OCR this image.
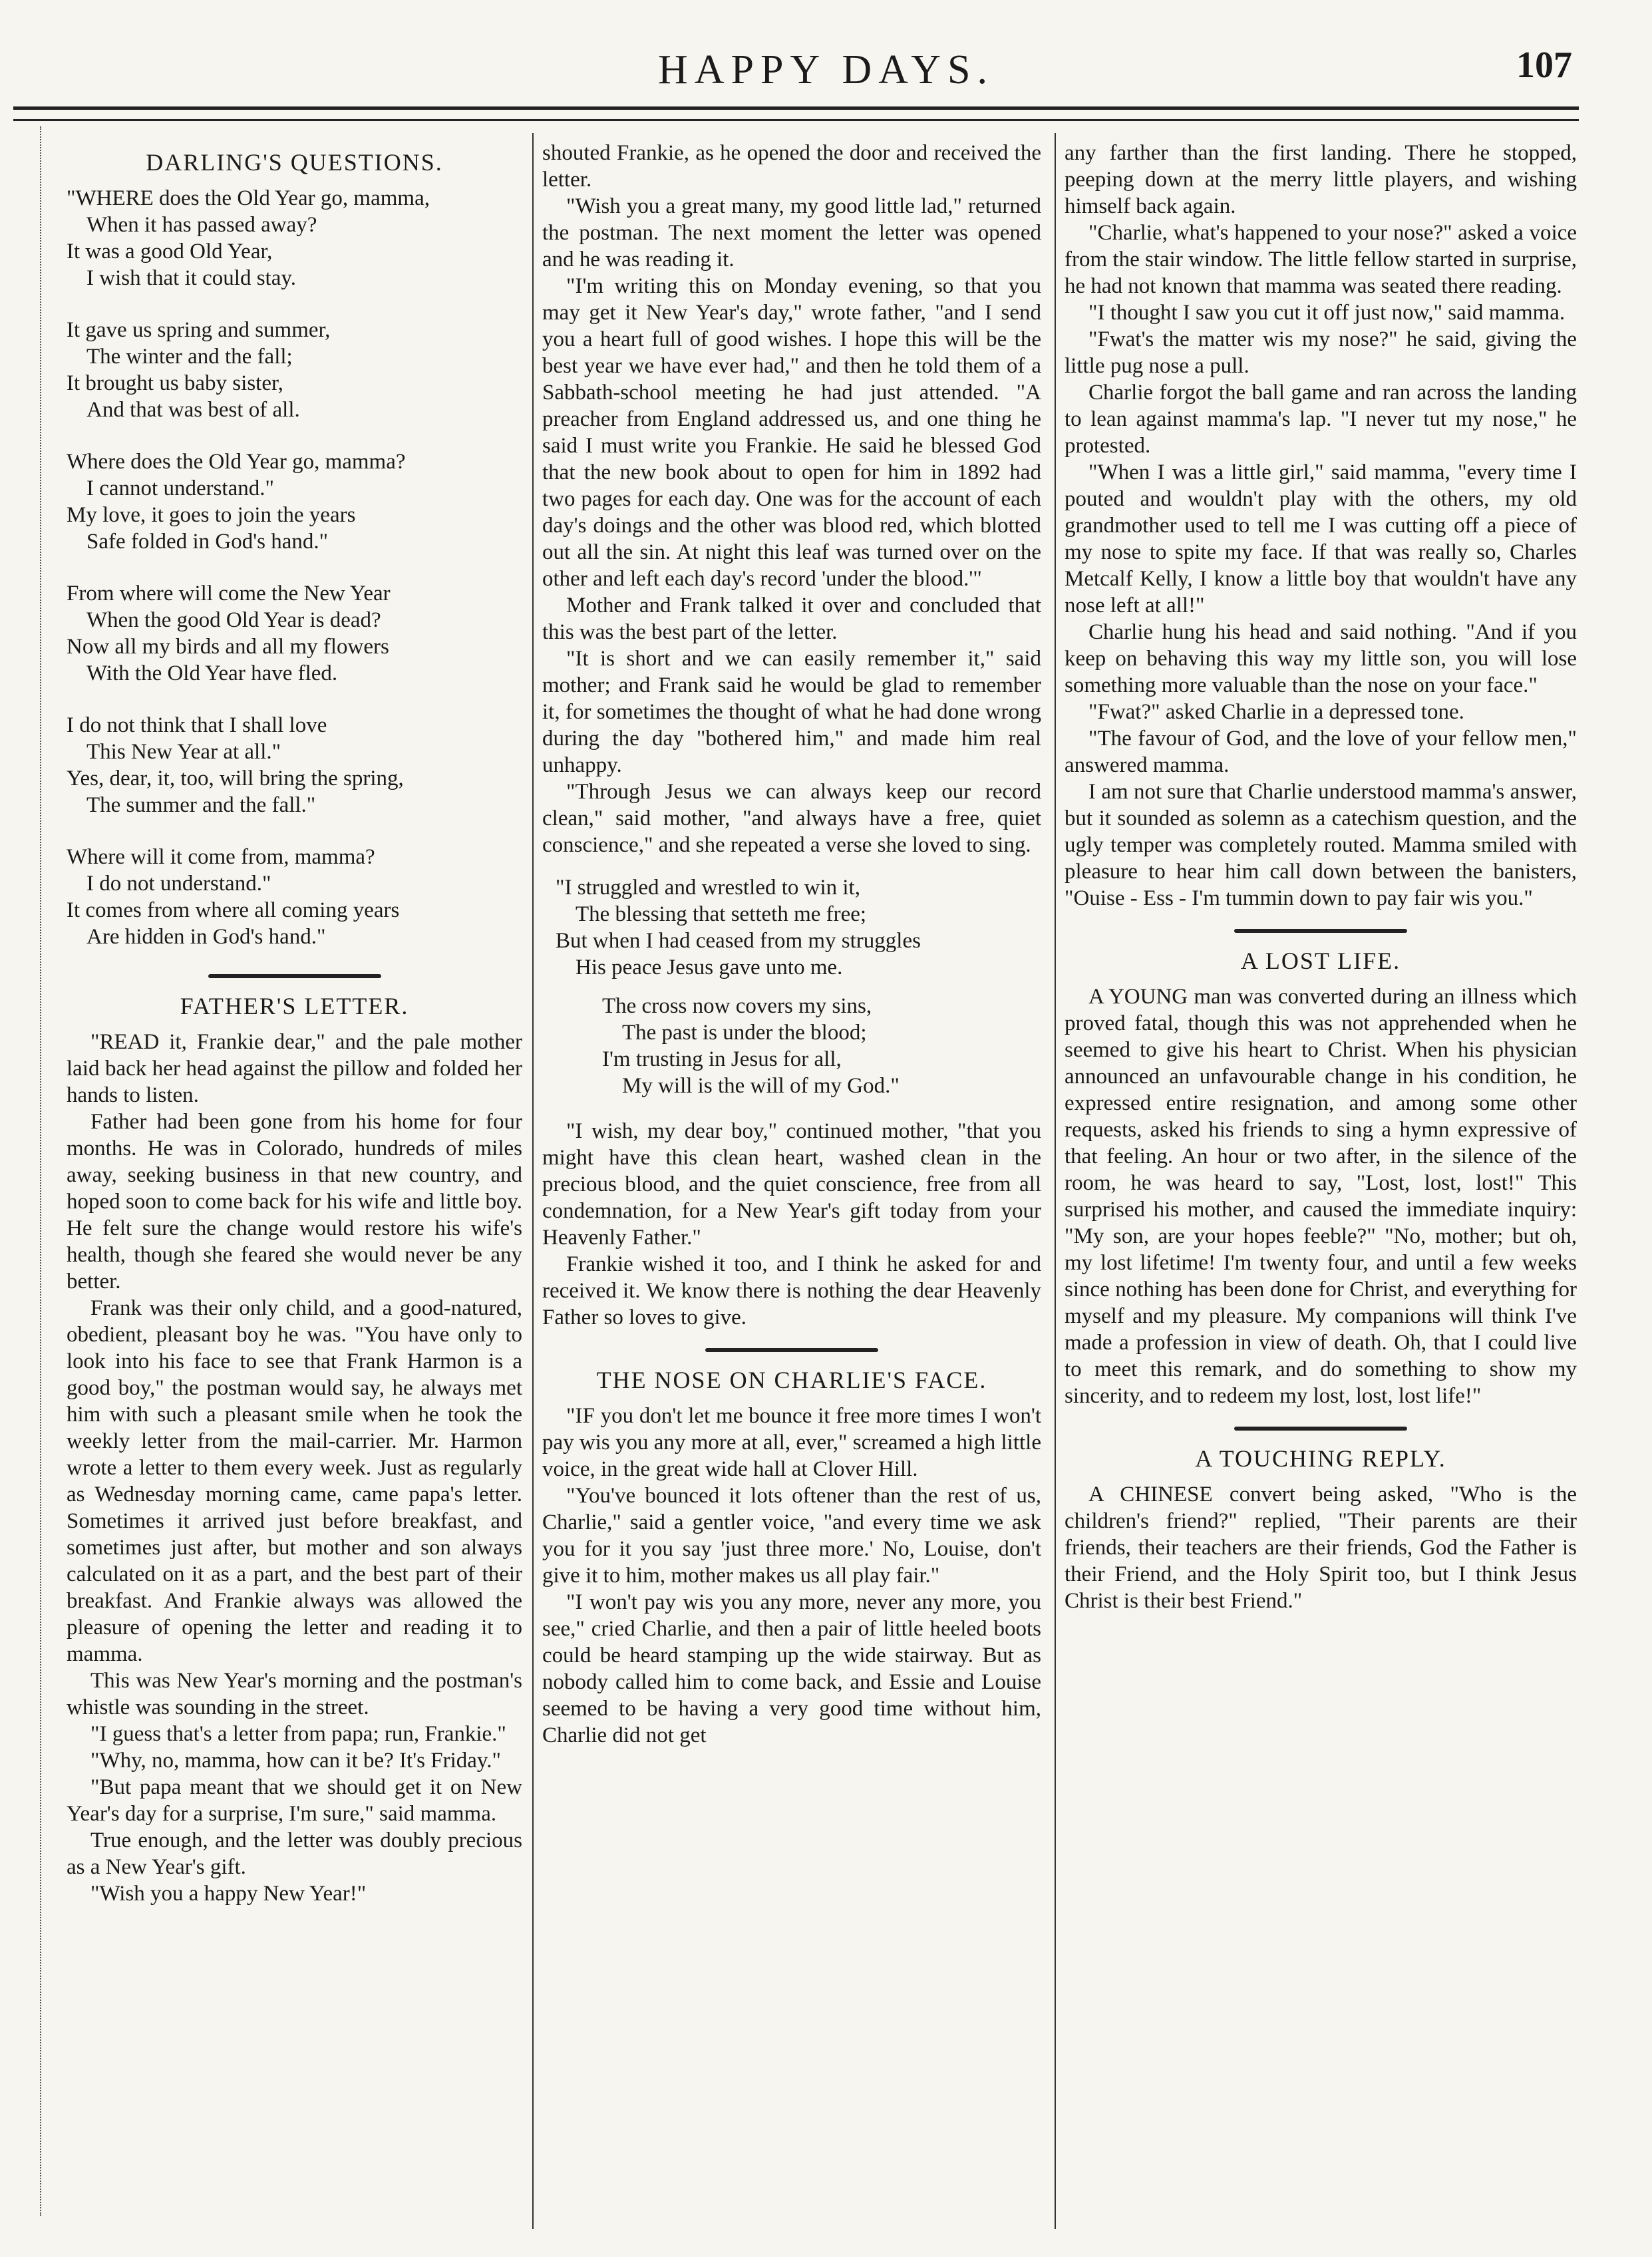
HAPPY DAYS.	107
DARLING'S QUESTIONS.
"WHERE does the Old Year go, mamma,
When it has passed away?
It was a good Old Year,
I wish that it could stay.
It gave us spring and summer,
The winter and the fall;
It brought us baby sister,
And that was best of all.
Where does the Old Year go, mamma?
I cannot understand."
My love, it goes to join the years
Safe folded in God's hand."
From where will come the New Year
When the good Old Year is dead?
Now all my birds and all my flowers
With the Old Year have fled.
I do not think that I shall love
This New Year at all."
Yes, dear, it, too, will bring the spring,
The summer and the fall."
Where will it come from, mamma?
I do not understand."
It comes from where all coming years
Are hidden in God's hand."
FATHER'S LETTER.

"READ it, Frankie dear," and the pale mother laid back her head against the pillow and folded her hands to listen.

Father had been gone from his home for four months. He was in Colorado, hundreds of miles away, seeking business in that new country, and hoped soon to come back for his wife and little boy. He felt sure the change would restore his wife's health, though she feared she would never be any better.

Frank was their only child, and a good-natured, obedient, pleasant boy he was. "You have only to look into his face to see that Frank Harmon is a good boy," the postman would say, he always met him with such a pleasant smile when he took the weekly letter from the mail-carrier. Mr. Harmon wrote a letter to them every week. Just as regularly as Wednesday morning came, came papa's letter. Sometimes it arrived just before breakfast, and sometimes just after, but mother and son always calculated on it as a part, and the best part of their breakfast. And Frankie always was allowed the pleasure of opening the letter and reading it to mamma.

This was New Year's morning and the postman's whistle was sounding in the street.

"I guess that's a letter from papa; run, Frankie."

"Why, no, mamma, how can it be? It's Friday."

"But papa meant that we should get it on New Year's day for a surprise, I'm sure," said mamma.

True enough, and the letter was doubly precious as a New Year's gift.

"Wish you a happy New Year!"

shouted Frankie, as he opened the door and received the letter.

"Wish you a great many, my good little lad," returned the postman. The next moment the letter was opened and he was reading it.

"I'm writing this on Monday evening, so that you may get it New Year's day," wrote father, "and I send you a heart full of good wishes. I hope this will be the best year we have ever had," and then he told them of a Sabbath-school meeting he had just attended. "A preacher from England addressed us, and one thing he said I must write you Frankie. He said he blessed God that the new book about to open for him in 1892 had two pages for each day. One was for the account of each day's doings and the other was blood red, which blotted out all the sin. At night this leaf was turned over on the other and left each day's record 'under the blood.'"

Mother and Frank talked it over and concluded that this was the best part of the letter.

"It is short and we can easily remember it," said mother; and Frank said he would be glad to remember it, for sometimes the thought of what he had done wrong during the day "bothered him," and made him real unhappy.

"Through Jesus we can always keep our record clean," said mother, "and always have a free, quiet conscience," and she repeated a verse she loved to sing.

"I struggled and wrestled to win it,
The blessing that setteth me free;
But when I had ceased from my struggles
His peace Jesus gave unto me.
The cross now covers my sins,
The past is under the blood;
I'm trusting in Jesus for all,
My will is the will of my God."

"I wish, my dear boy," continued mother, "that you might have this clean heart, washed clean in the precious blood, and the quiet conscience, free from all condemnation, for a New Year's gift today from your Heavenly Father."

Frankie wished it too, and I think he asked for and received it. We know there is nothing the dear Heavenly Father so loves to give.

THE NOSE ON CHARLIE'S FACE.

"IF you don't let me bounce it free more times I won't pay wis you any more at all, ever," screamed a high little voice, in the great wide hall at Clover Hill.

"You've bounced it lots oftener than the rest of us, Charlie," said a gentler voice, "and every time we ask you for it you say 'just three more.' No, Louise, don't give it to him, mother makes us all play fair."

"I won't pay wis you any more, never any more, you see," cried Charlie, and then a pair of little heeled boots could be heard stamping up the wide stairway. But as nobody called him to come back, and Essie and Louise seemed to be having a very good time without him, Charlie did not get

any farther than the first landing. There he stopped, peeping down at the merry little players, and wishing himself back again.

"Charlie, what's happened to your nose?" asked a voice from the stair window. The little fellow started in surprise, he had not known that mamma was seated there reading.

"I thought I saw you cut it off just now," said mamma.

"Fwat's the matter wis my nose?" he said, giving the little pug nose a pull.

Charlie forgot the ball game and ran across the landing to lean against mamma's lap. "I never tut my nose," he protested.

"When I was a little girl," said mamma, "every time I pouted and wouldn't play with the others, my old grandmother used to tell me I was cutting off a piece of my nose to spite my face. If that was really so, Charles Metcalf Kelly, I know a little boy that wouldn't have any nose left at all!"

Charlie hung his head and said nothing. "And if you keep on behaving this way my little son, you will lose something more valuable than the nose on your face."

"Fwat?" asked Charlie in a depressed tone.

"The favour of God, and the love of your fellow men," answered mamma.

I am not sure that Charlie understood mamma's answer, but it sounded as solemn as a catechism question, and the ugly temper was completely routed. Mamma smiled with pleasure to hear him call down between the banisters, "Ouise - Ess - I'm tummin down to pay fair wis you."

A LOST LIFE.

A YOUNG man was converted during an illness which proved fatal, though this was not apprehended when he seemed to give his heart to Christ. When his physician announced an unfavourable change in his condition, he expressed entire resignation, and among some other requests, asked his friends to sing a hymn expressive of that feeling. An hour or two after, in the silence of the room, he was heard to say, "Lost, lost, lost!" This surprised his mother, and caused the immediate inquiry: "My son, are your hopes feeble?" "No, mother; but oh, my lost lifetime! I'm twenty four, and until a few weeks since nothing has been done for Christ, and everything for myself and my pleasure. My companions will think I've made a profession in view of death. Oh, that I could live to meet this remark, and do something to show my sincerity, and to redeem my lost, lost, lost life!"

A TOUCHING REPLY.

A CHINESE convert being asked, "Who is the children's friend?" replied, "Their parents are their friends, their teachers are their friends, God the Father is their Friend, and the Holy Spirit too, but I think Jesus Christ is their best Friend."
